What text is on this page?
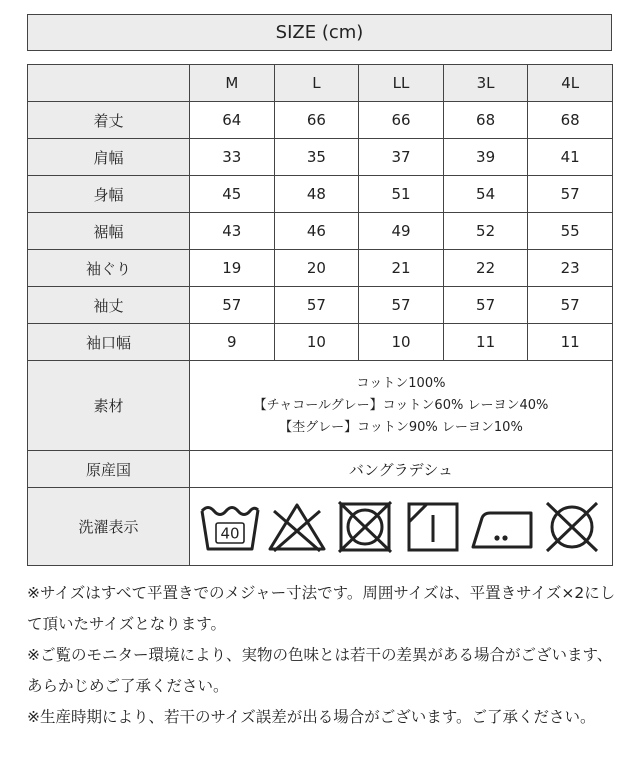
SIZE (cm)
	M	L	LL	3L	4L
着丈	64	66	66	68	68
肩幅	33	35	37	39	41
身幅	45	48	51	54	57
裾幅	43	46	49	52	55
袖ぐり	19	20	21	22	23
袖丈	57	57	57	57	57
袖口幅	9	10	10	11	11
素材	コットン100%
【チャコールグレー】コットン60% レーヨン40%
【杢グレー】コットン90% レーヨン10%				

原産国	バングラデシュ				
洗濯表示	40				

※サイズはすべて平置きでのメジャー寸法です。周囲サイズは、平置きサイズ×2にして頂いたサイズとなります。

※ご覧のモニター環境により、実物の色味とは若干の差異がある場合がございます、あらかじめご了承ください。

※生産時期により、若干のサイズ誤差が出る場合がございます。ご了承ください。
